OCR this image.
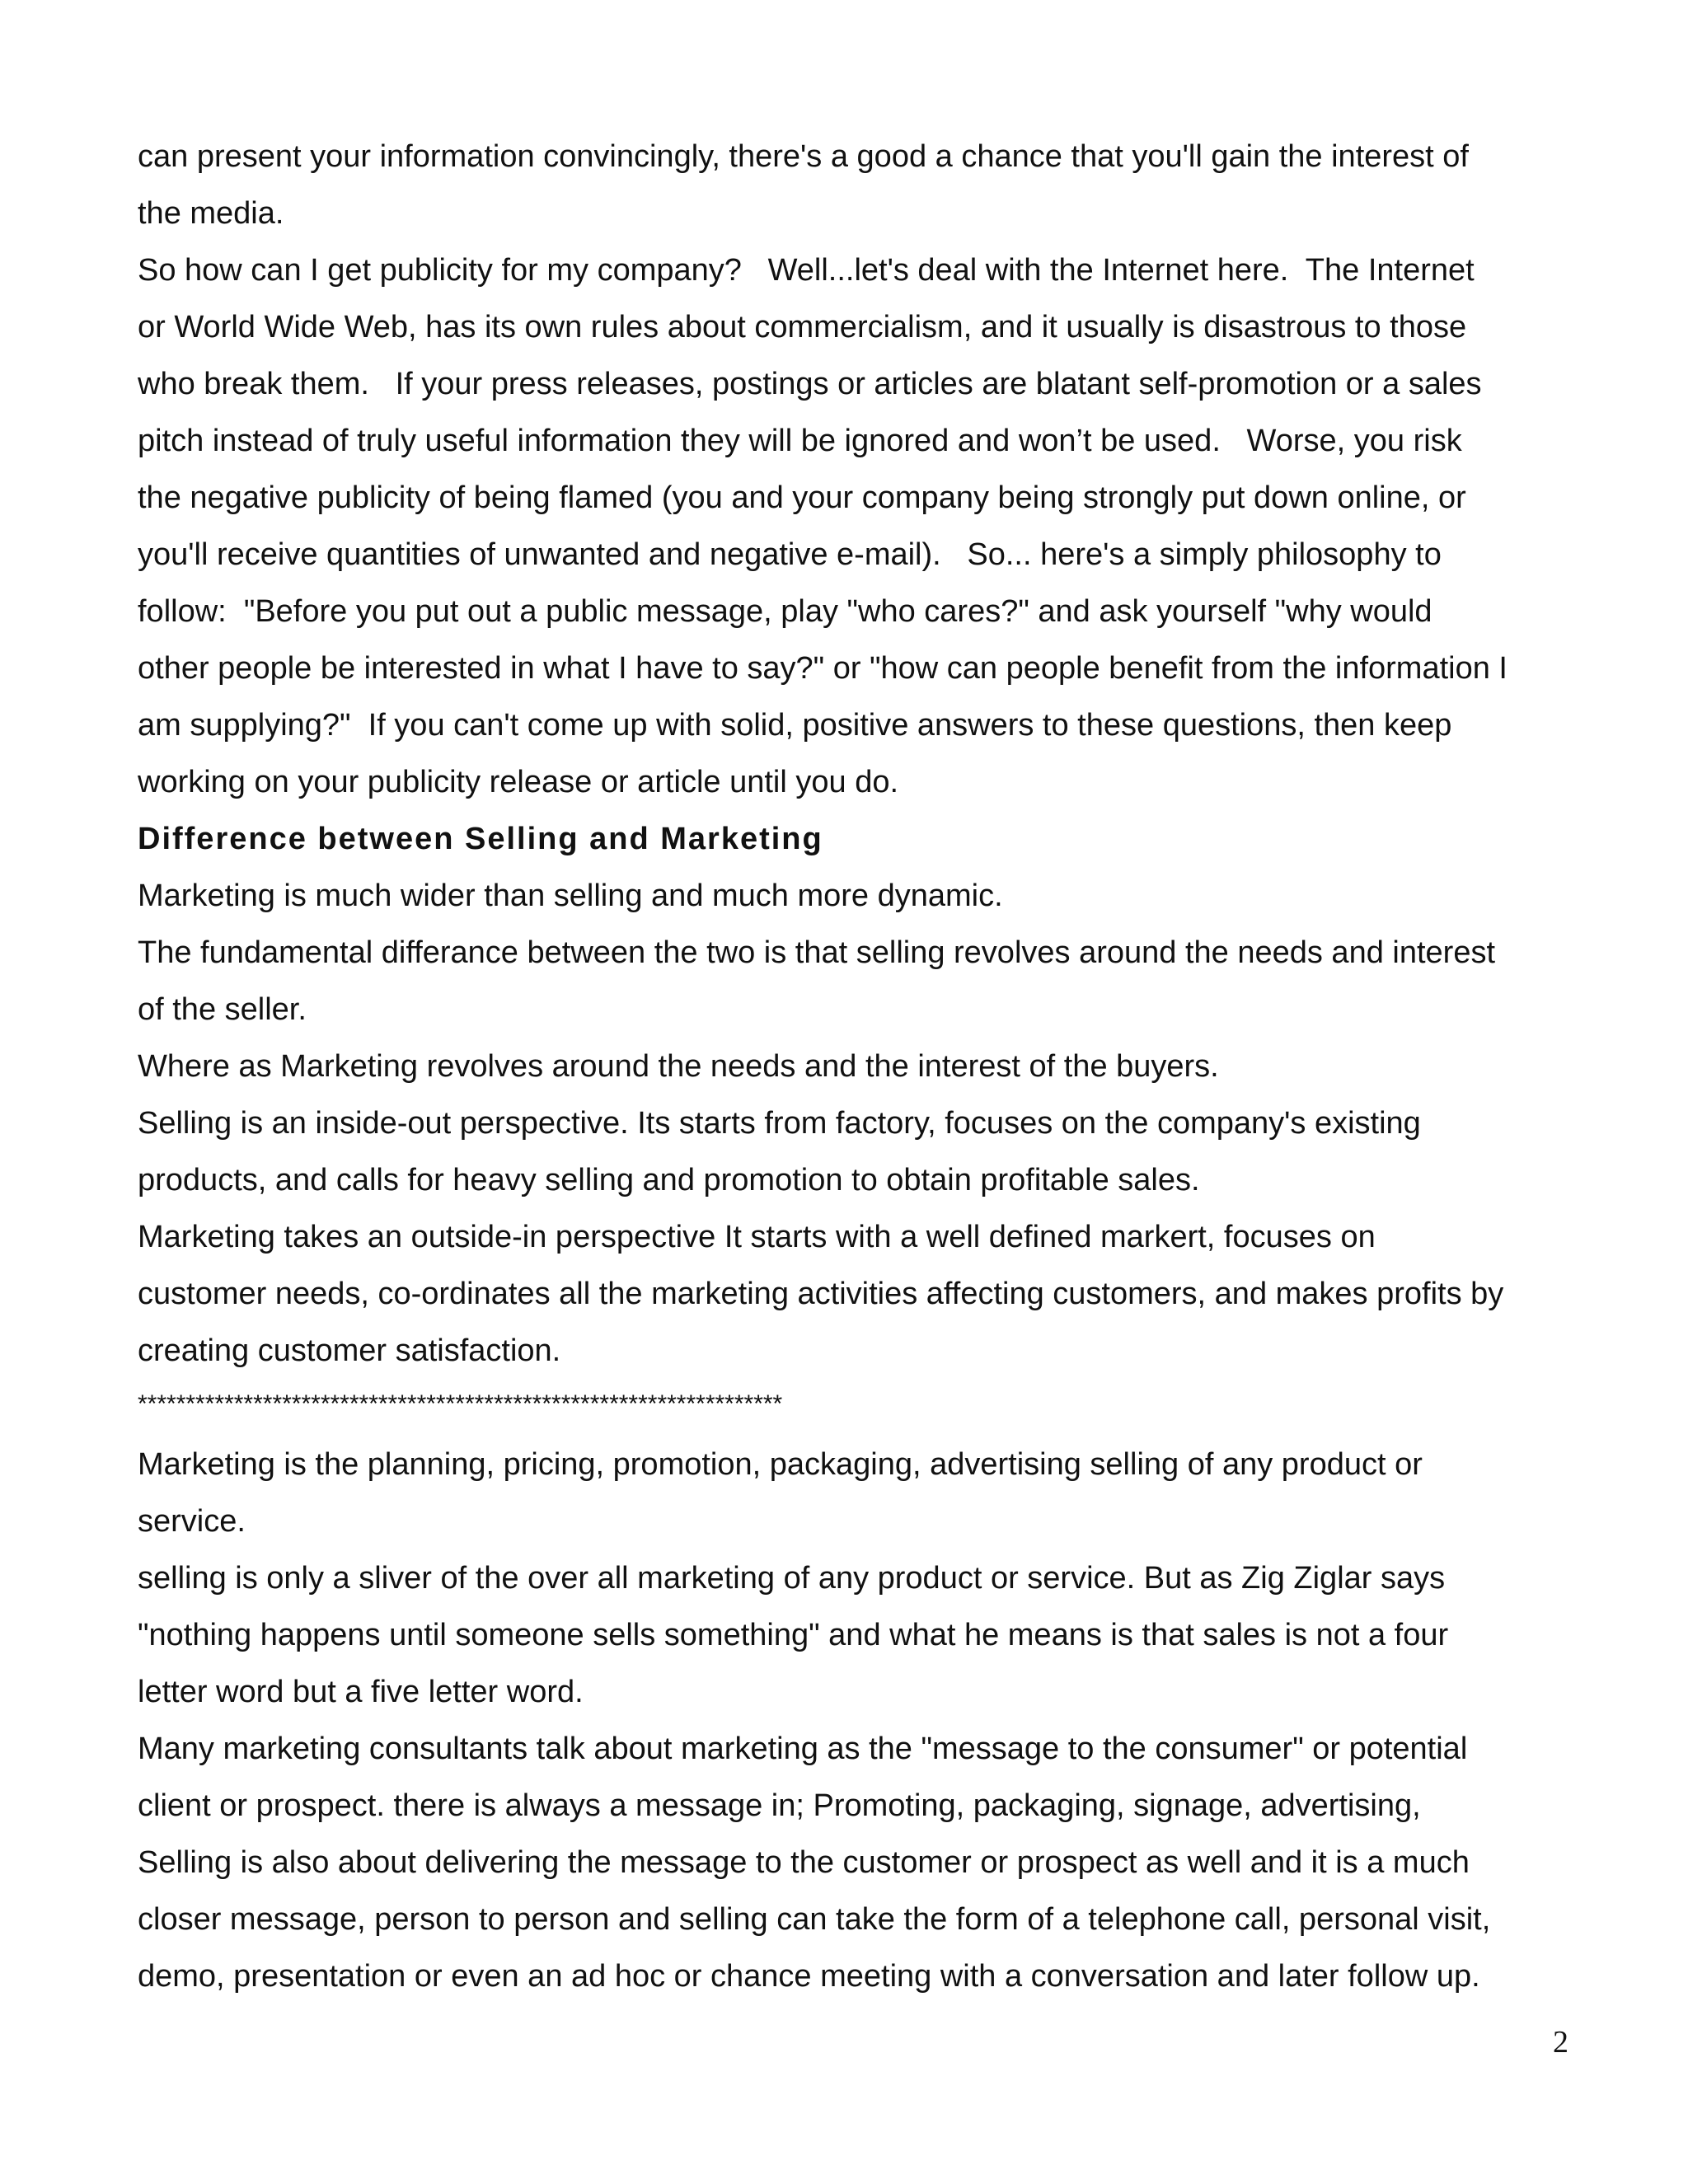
can present your information convincingly, there's a good a chance that you'll gain the interest of
the media.
So how can I get publicity for my company?   Well...let's deal with the Internet here.  The Internet
or World Wide Web, has its own rules about commercialism, and it usually is disastrous to those
who break them.   If your press releases, postings or articles are blatant self-promotion or a sales
pitch instead of truly useful information they will be ignored and won’t be used.   Worse, you risk
the negative publicity of being flamed (you and your company being strongly put down online, or
you'll receive quantities of unwanted and negative e-mail).   So... here's a simply philosophy to
follow:  "Before you put out a public message, play "who cares?" and ask yourself "why would
other people be interested in what I have to say?" or "how can people benefit from the information I
am supplying?"  If you can't come up with solid, positive answers to these questions, then keep
working on your publicity release or article until you do.
Difference between Selling and Marketing
Marketing is much wider than selling and much more dynamic.
The fundamental differance between the two is that selling revolves around the needs and interest
of the seller.
Where as Marketing revolves around the needs and the interest of the buyers.
Selling is an inside-out perspective. Its starts from factory, focuses on the company's existing
products, and calls for heavy selling and promotion to obtain profitable sales.
Marketing takes an outside-in perspective It starts with a well defined markert, focuses on
customer needs, co-ordinates all the marketing activities affecting customers, and makes profits by
creating customer satisfaction.
*******************************************************************
Marketing is the planning, pricing, promotion, packaging, advertising selling of any product or
service.
selling is only a sliver of the over all marketing of any product or service. But as Zig Ziglar says
"nothing happens until someone sells something" and what he means is that sales is not a four
letter word but a five letter word.
Many marketing consultants talk about marketing as the "message to the consumer" or potential
client or prospect. there is always a message in; Promoting, packaging, signage, advertising,
Selling is also about delivering the message to the customer or prospect as well and it is a much
closer message, person to person and selling can take the form of a telephone call, personal visit,
demo, presentation or even an ad hoc or chance meeting with a conversation and later follow up.
2
